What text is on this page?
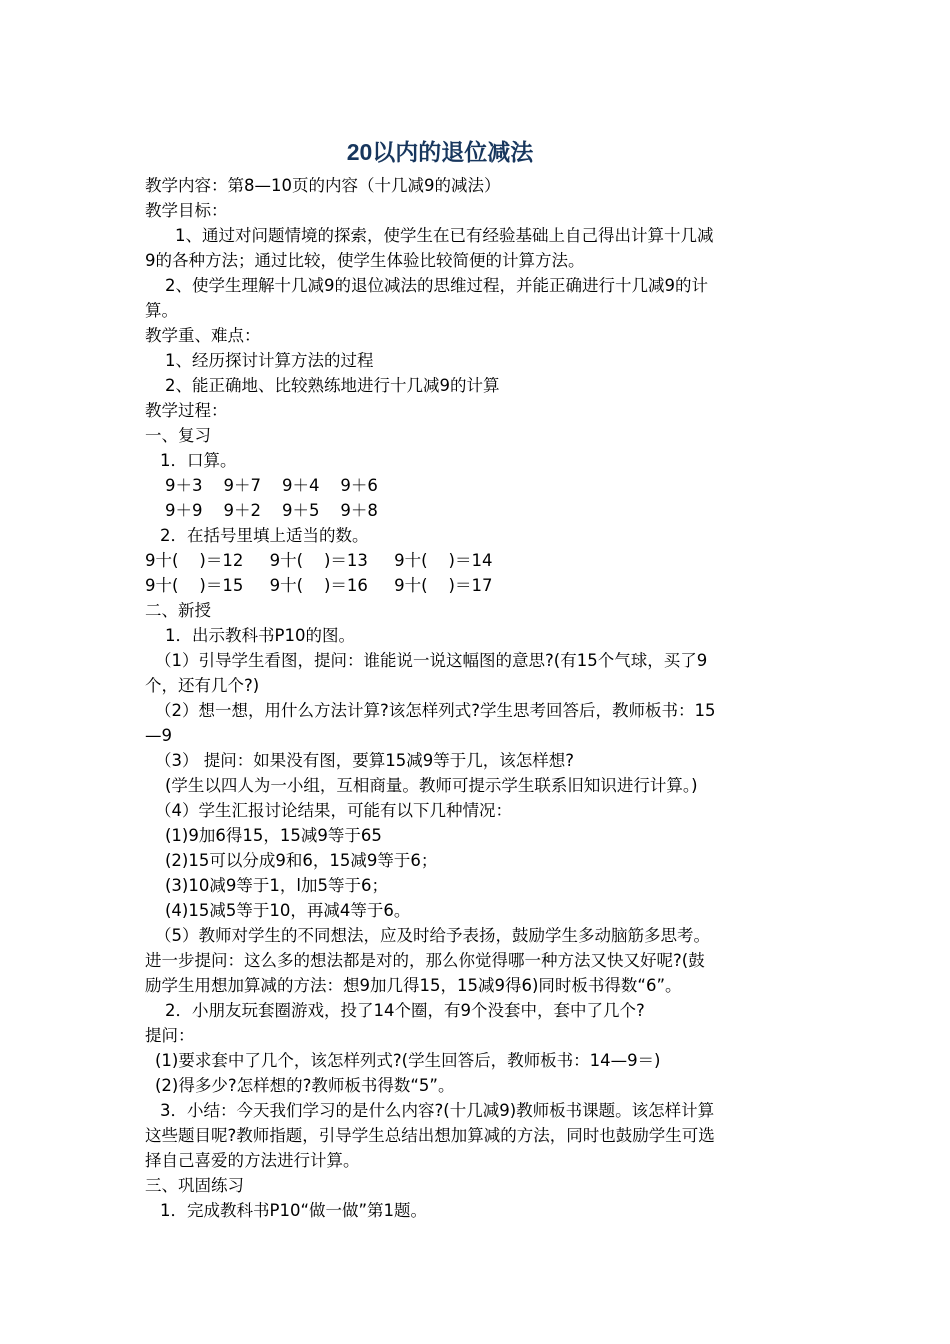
20以内的退位减法
教学内容：第8—10页的内容（十几减9的减法）
教学目标：
1、通过对问题情境的探索，使学生在已有经验基础上自己得出计算十几减
9的各种方法；通过比较，使学生体验比较简便的计算方法。
2、使学生理解十几减9的退位减法的思维过程，并能正确进行十几减9的计
算。
教学重、难点：
1、经历探讨计算方法的过程
2、能正确地、比较熟练地进行十几减9的计算
教学过程：
一、复习
1．口算。
9＋3    9＋7    9＋4    9＋6
9＋9    9＋2    9＋5    9＋8
2．在括号里填上适当的数。
9十(    )＝12     9十(    )＝13     9十(    )＝14
9十(    )＝15     9十(    )＝16     9十(    )＝17
二、新授
1．出示教科书P10的图。
（1）引导学生看图，提问：谁能说一说这幅图的意思?(有15个气球，买了9
个，还有几个?)
（2）想一想，用什么方法计算?该怎样列式?学生思考回答后，教师板书：15
—9
（3） 提问：如果没有图，要算15减9等于几，该怎样想?
(学生以四人为一小组，互相商量。教师可提示学生联系旧知识进行计算。)
（4）学生汇报讨论结果，可能有以下几种情况：
(1)9加6得15，15减9等于65
(2)15可以分成9和6，15减9等于6；
(3)10减9等于1，l加5等于6；
(4)15减5等于10，再减4等于6。
（5）教师对学生的不同想法，应及时给予表扬，鼓励学生多动脑筋多思考。
进一步提问：这么多的想法都是对的，那么你觉得哪一种方法又快又好呢?(鼓
励学生用想加算减的方法：想9加几得15，15减9得6)同时板书得数“6”。
2．小朋友玩套圈游戏，投了14个圈，有9个没套中，套中了几个?
提问：
(1)要求套中了几个，该怎样列式?(学生回答后，教师板书：14—9＝)
(2)得多少?怎样想的?教师板书得数“5”。
3．小结：今天我们学习的是什么内容?(十几减9)教师板书课题。该怎样计算
这些题目呢?教师指题，引导学生总结出想加算减的方法，同时也鼓励学生可选
择自己喜爱的方法进行计算。
三、巩固练习
1．完成教科书P10“做一做”第1题。
